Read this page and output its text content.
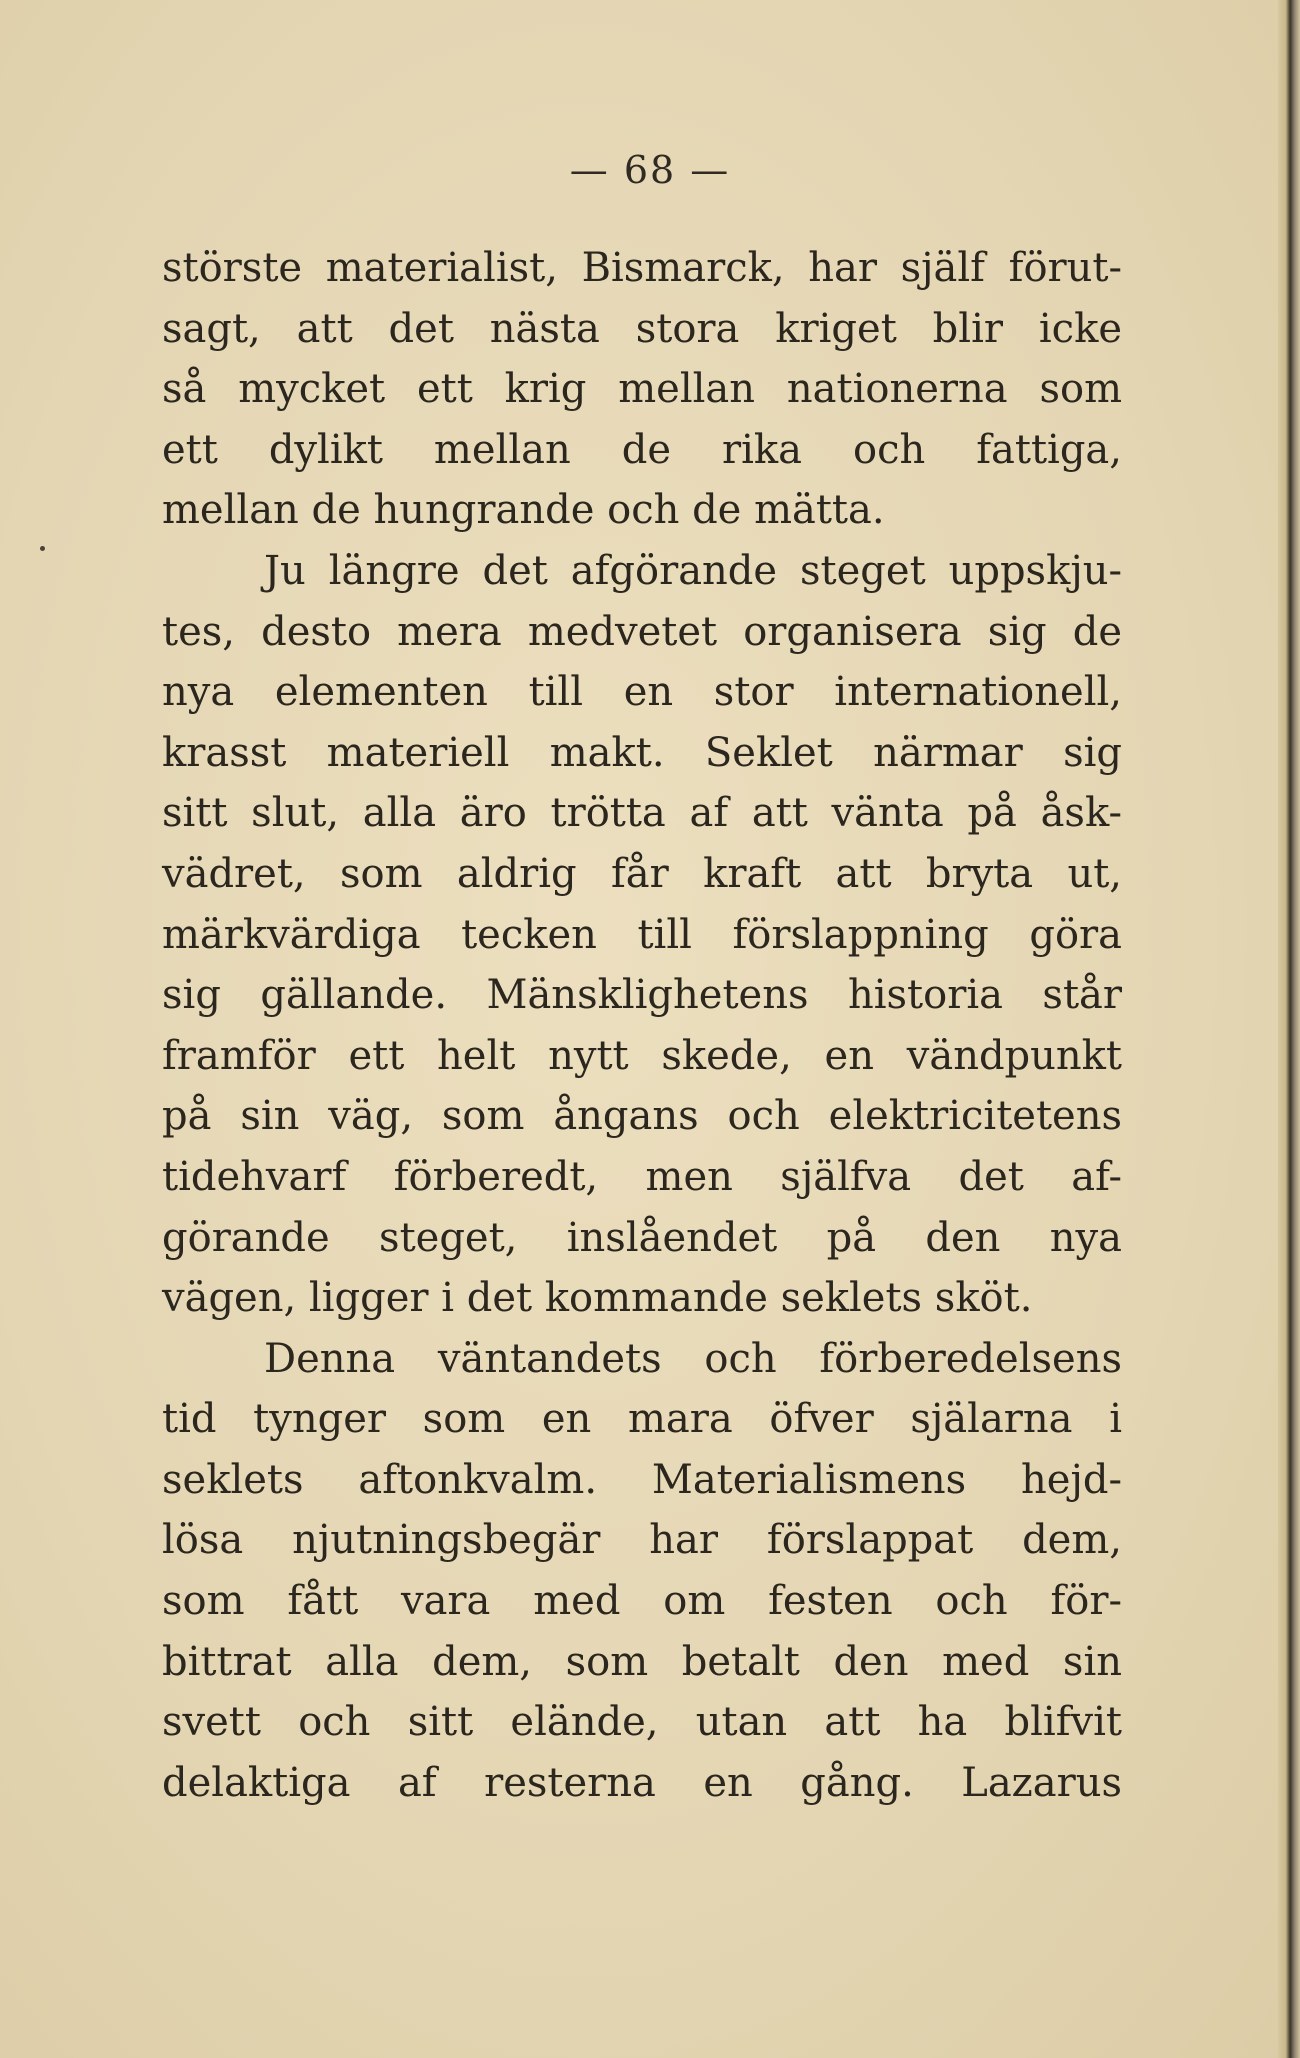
— 68 —
störste materialist, Bismarck, har själf förut-
sagt, att det nästa stora kriget blir icke
så mycket ett krig mellan nationerna som
ett dylikt mellan de rika och fattiga,
mellan de hungrande och de mätta.
Ju längre det afgörande steget uppskju-
tes, desto mera medvetet organisera sig de
nya elementen till en stor internationell,
krasst materiell makt. Seklet närmar sig
sitt slut, alla äro trötta af att vänta på åsk-
vädret, som aldrig får kraft att bryta ut,
märkvärdiga tecken till förslappning göra
sig gällande. Mänsklighetens historia står
framför ett helt nytt skede, en vändpunkt
på sin väg, som ångans och elektricitetens
tidehvarf förberedt, men själfva det af-
görande steget, inslåendet på den nya
vägen, ligger i det kommande seklets sköt.
Denna väntandets och förberedelsens
tid tynger som en mara öfver själarna i
seklets aftonkvalm. Materialismens hejd-
lösa njutningsbegär har förslappat dem,
som fått vara med om festen och för-
bittrat alla dem, som betalt den med sin
svett och sitt elände, utan att ha blifvit
delaktiga af resterna en gång. Lazarus
